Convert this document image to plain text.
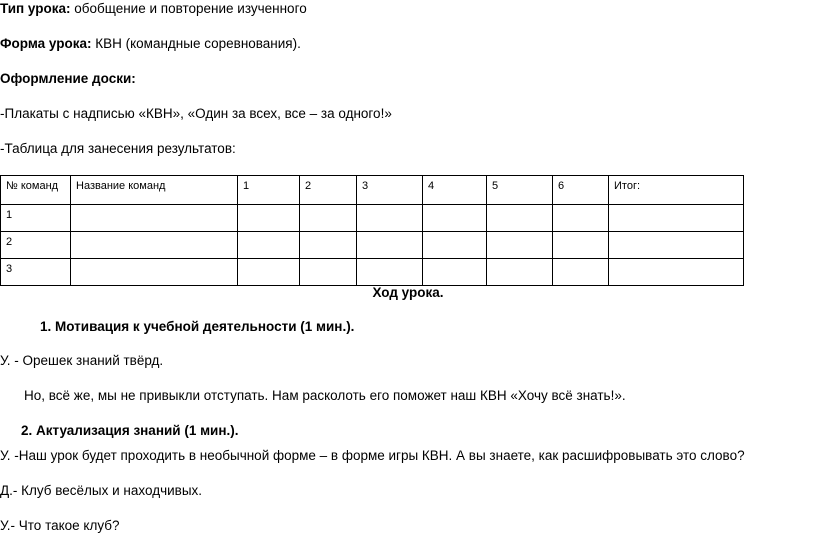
Тип урока: обобщение и повторение изученного
Форма урока: КВН (командные соревнования).
Оформление доски:
-Плакаты с надписью «КВН», «Один за всех, все – за одного!»
-Таблица для занесения результатов:
№ команд	Название команд	1	2	3	4	5	6	Итог:
1								
2								
3								
Ход урока.
1. Мотивация к учебной деятельности (1 мин.).
У. - Орешек знаний твёрд.
Но, всё же, мы не привыкли отступать. Нам расколоть его поможет наш КВН «Хочу всё знать!».
2. Актуализация знаний (1 мин.).
У. -Наш урок будет проходить в необычной форме – в форме игры КВН. А вы знаете, как расшифровывать это слово?
Д.- Клуб весёлых и находчивых.
У.- Что такое клуб?
